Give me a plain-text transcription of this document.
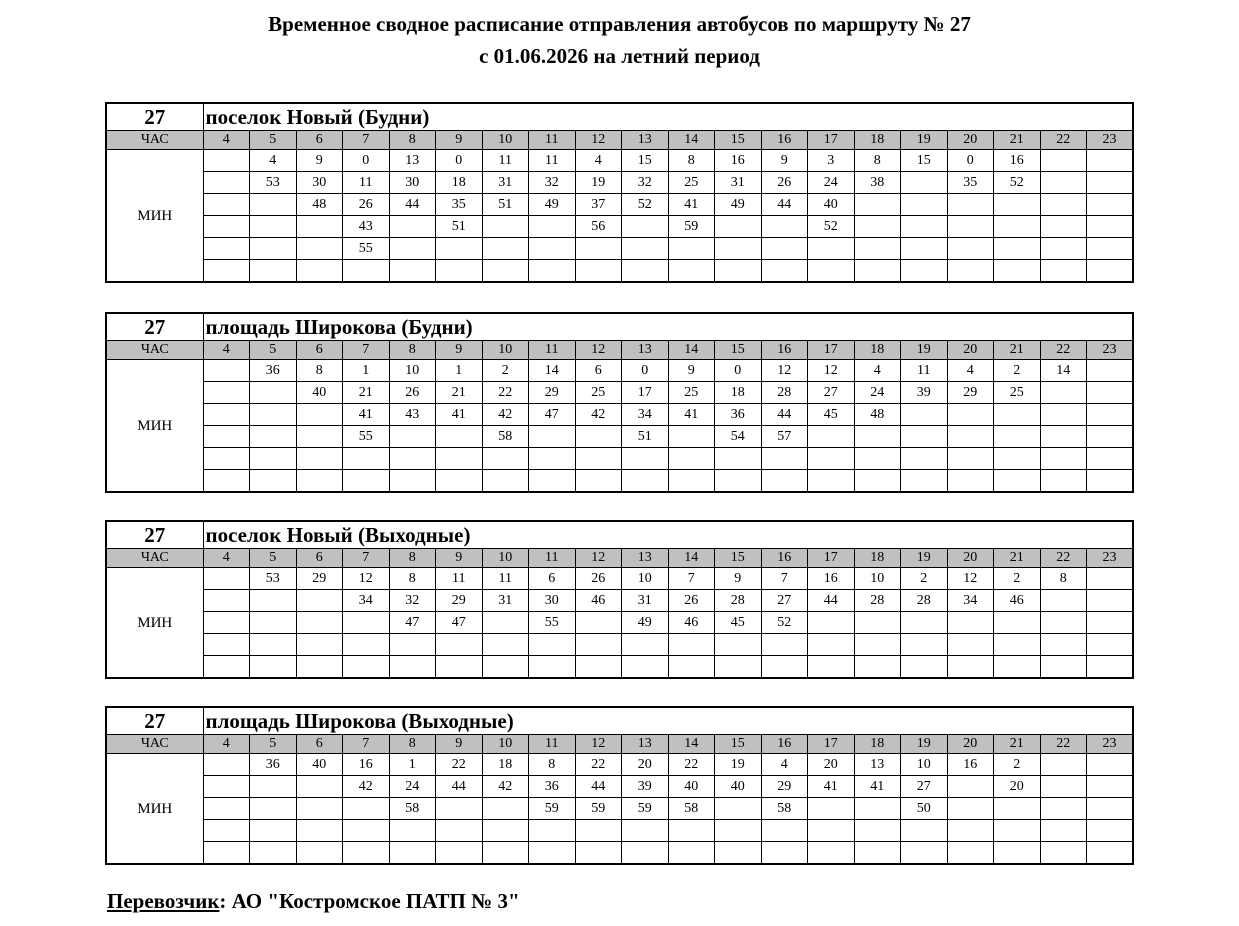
Временное сводное расписание отправления автобусов по маршруту № 27
с 01.06.2026 на летний период
27	поселок Новый (Будни)																			
ЧАС	4	5	6	7	8	9	10	11	12	13	14	15	16	17	18	19	20	21	22	23
МИН		4	9	0	13	0	11	11	4	15	8	16	9	3	8	15	0	16		
		53	30	11	30	18	31	32	19	32	25	31	26	24	38		35	52		
			48	26	44	35	51	49	37	52	41	49	44	40						
				43		51			56		59			52						
				55																

27	площадь Широкова (Будни)																			
ЧАС	4	5	6	7	8	9	10	11	12	13	14	15	16	17	18	19	20	21	22	23
МИН		36	8	1	10	1	2	14	6	0	9	0	12	12	4	11	4	2	14	
			40	21	26	21	22	29	25	17	25	18	28	27	24	39	29	25		
				41	43	41	42	47	42	34	41	36	44	45	48					
				55			58			51		54	57							

27	поселок Новый (Выходные)																			
ЧАС	4	5	6	7	8	9	10	11	12	13	14	15	16	17	18	19	20	21	22	23
МИН		53	29	12	8	11	11	6	26	10	7	9	7	16	10	2	12	2	8	
				34	32	29	31	30	46	31	26	28	27	44	28	28	34	46		
					47	47		55		49	46	45	52							

27	площадь Широкова (Выходные)																			
ЧАС	4	5	6	7	8	9	10	11	12	13	14	15	16	17	18	19	20	21	22	23
МИН		36	40	16	1	22	18	8	22	20	22	19	4	20	13	10	16	2		
				42	24	44	42	36	44	39	40	40	29	41	41	27		20		
					58			59	59	59	58		58			50				

Перевозчик: АО "Костромское ПАТП № 3"
